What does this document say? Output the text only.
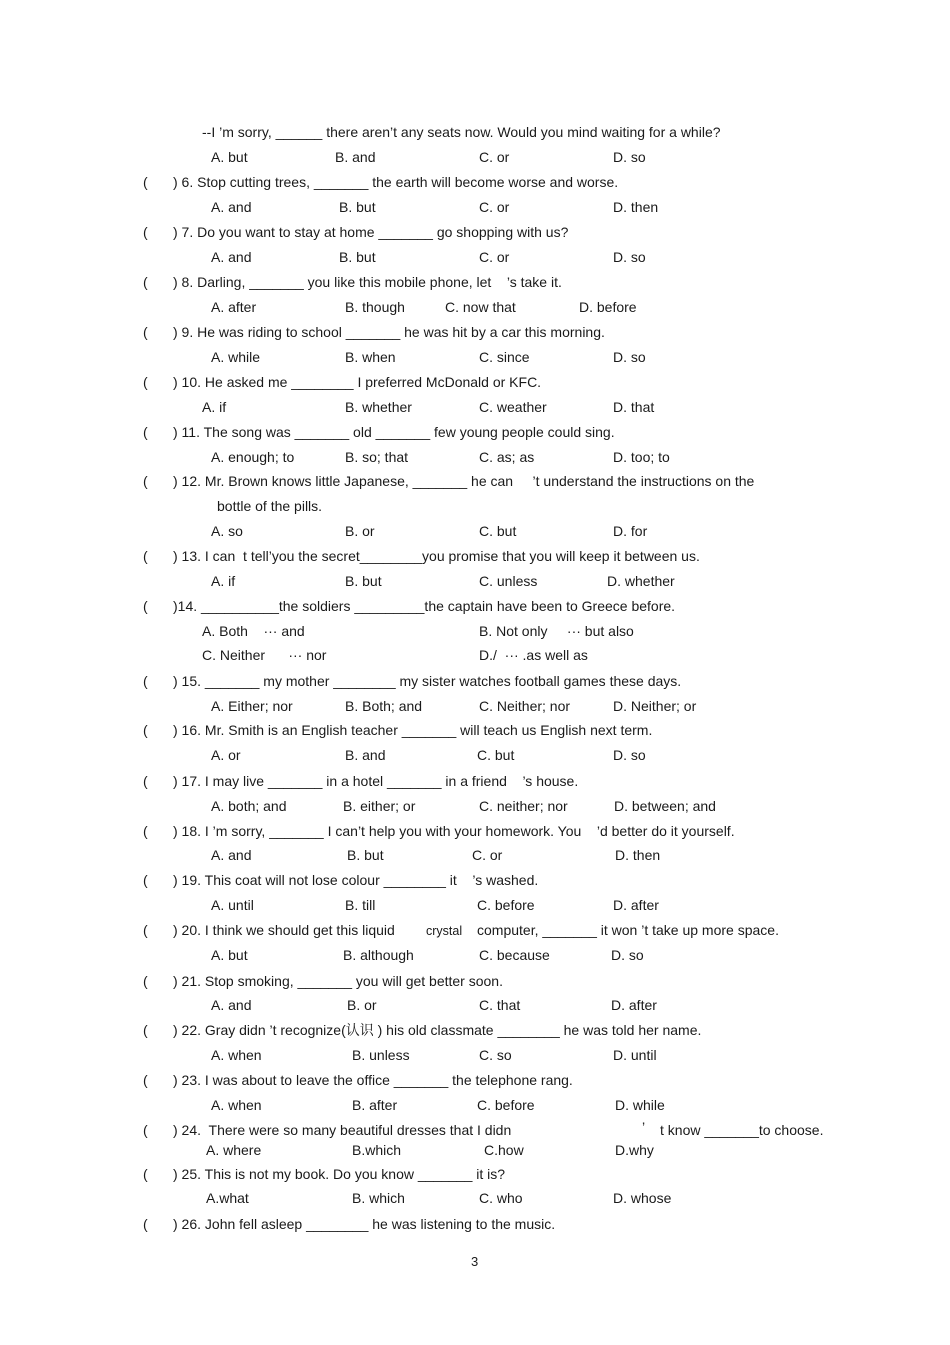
--I ’m sorry, ______ there aren’t any seats now. Would you mind waiting for a while?
A. but	B. and	C. or	D. so
( ) 6. Stop cutting trees, _______ the earth will become worse and worse.
A. and	B. but	C. or	D. then
( ) 7. Do you want to stay at home _______ go shopping with us?
A. and	B. but	C. or	D. so
( ) 8. Darling, _______ you like this mobile phone, let    ’s take it.
A. after	B. though	C. now that	D. before
( ) 9. He was riding to school _______ he was hit by a car this morning.
A. while	B. when	C. since	D. so
( ) 10. He asked me ________ I preferred McDonald or KFC.
A. if	B. whether	C. weather	D. that
( ) 11. The song was _______ old _______ few young people could sing.
A. enough; to	B. so; that	C. as; as	D. too; to
( ) 12. Mr. Brown knows little Japanese, _______ he can     ’t understand the instructions on the
bottle of the pills.
A. so	B. or	C. but	D. for
( ) 13. I can  t tell’you the secret________you promise that you will keep it between us.
A. if	B. but	C. unless	D. whether
( )14. __________the soldiers _________the captain have been to Greece before.
A. Both    ··· and	B. Not only     ··· but also
C. Neither      ··· nor	D./  ··· .as well as
( ) 15. _______ my mother ________ my sister watches football games these days.
A. Either; nor	B. Both; and	C. Neither; nor	D. Neither; or
( ) 16. Mr. Smith is an English teacher _______ will teach us English next term.
A. or	B. and	C. but	D. so
( ) 17. I may live _______ in a hotel _______ in a friend    ’s house.
A. both; and	B. either; or	C. neither; nor	D. between; and
( ) 18. I ’m sorry, _______ I can’t help you with your homework. You    ’d better do it yourself.
A. and	B. but	C. or	D. then
( ) 19. This coat will not lose colour ________ it    ’s washed.
A. until	B. till	C. before	D. after
( ) 20. I think we should get this liquid crystal computer, _______ it won ’t take up more space.
A. but	B. although	C. because	D. so
( ) 21. Stop smoking, _______ you will get better soon.
A. and	B. or	C. that	D. after
( ) 22. Gray didn ’t recognize(认识 ) his old classmate ________ he was told her name.
A. when	B. unless	C. so	D. until
( ) 23. I was about to leave the office _______ the telephone rang.
A. when	B. after	C. before	D. while
( ) 24.  There were so many beautiful dresses that I didn	’ t know _______to choose.
A. where	B.which	C.how	D.why
( ) 25. This is not my book. Do you know _______ it is?
A.what	B. which	C. who	D. whose
( ) 26. John fell asleep ________ he was listening to the music.
3
